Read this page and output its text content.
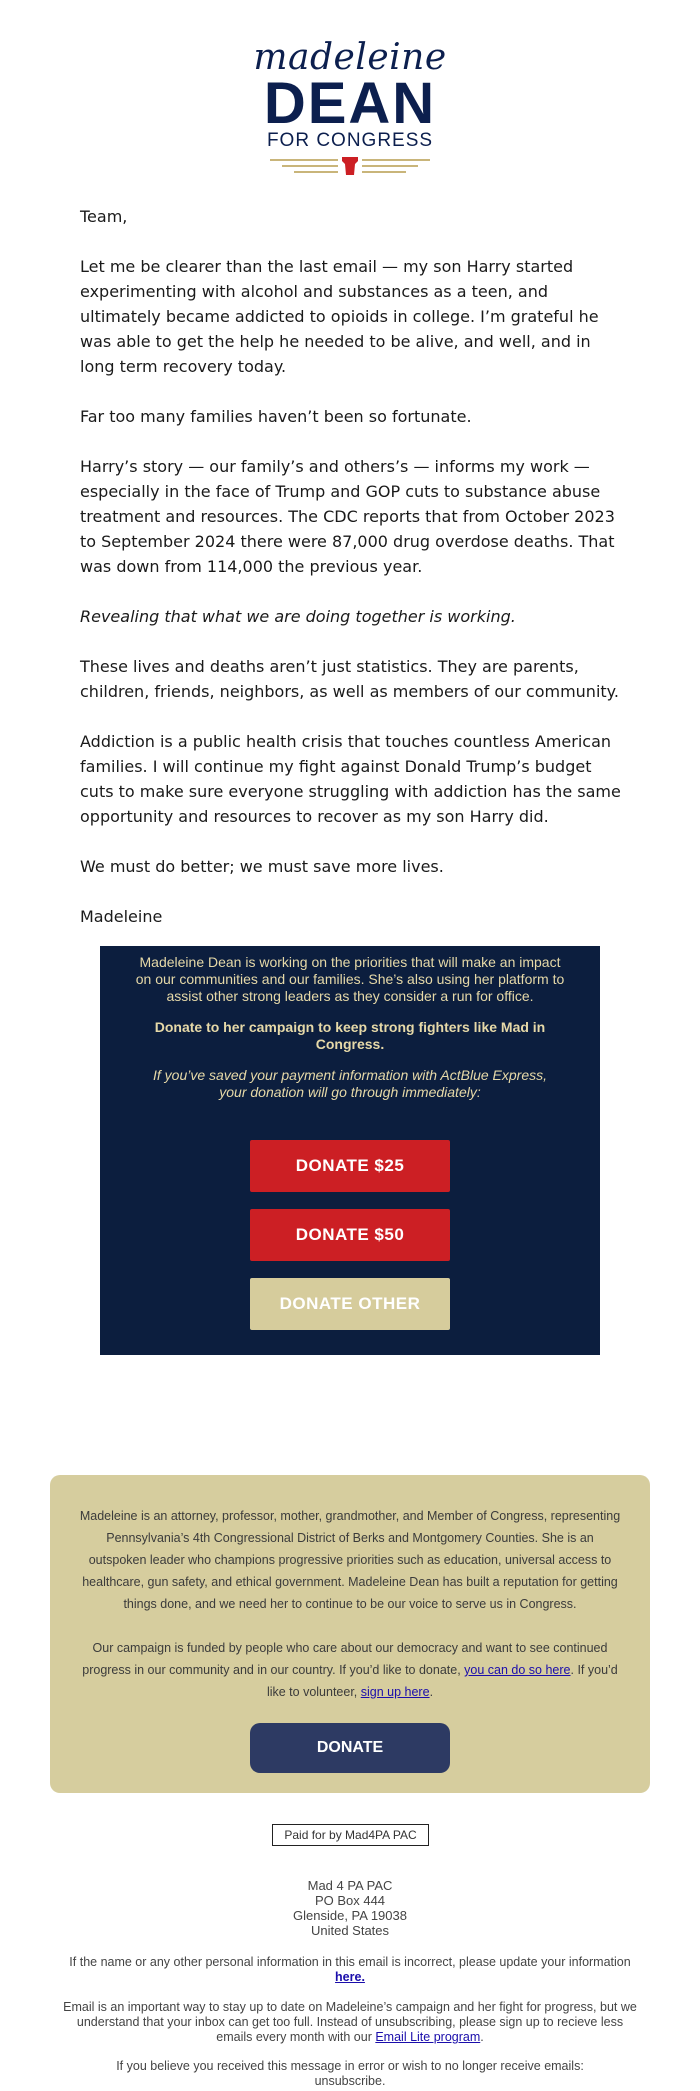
madeleine
DEAN
FOR CONGRESS

Team,

Let me be clearer than the last email — my son Harry started experimenting with alcohol and substances as a teen, and ultimately became addicted to opioids in college. I’m grateful he was able to get the help he needed to be alive, and well, and in long term recovery today.

Far too many families haven’t been so fortunate.

Harry’s story — our family’s and others’s — informs my work — especially in the face of Trump and GOP cuts to substance abuse treatment and resources. The CDC reports that from October 2023 to September 2024 there were 87,000 drug overdose deaths. That was down from 114,000 the previous year.

Revealing that what we are doing together is working.

These lives and deaths aren’t just statistics. They are parents, children, friends, neighbors, as well as members of our community.

Addiction is a public health crisis that touches countless American families. I will continue my fight against Donald Trump’s budget cuts to make sure everyone struggling with addiction has the same opportunity and resources to recover as my son Harry did.

We must do better; we must save more lives.

Madeleine

Madeleine Dean is working on the priorities that will make an impact on our communities and our families. She’s also using her platform to assist other strong leaders as they consider a run for office.
Donate to her campaign to keep strong fighters like Mad in Congress.
If you’ve saved your payment information with ActBlue Express, your donation will go through immediately:
DONATE $25
DONATE $50
DONATE OTHER

Madeleine is an attorney, professor, mother, grandmother, and Member of Congress, representing Pennsylvania’s 4th Congressional District of Berks and Montgomery Counties. She is an outspoken leader who champions progressive priorities such as education, universal access to healthcare, gun safety, and ethical government. Madeleine Dean has built a reputation for getting things done, and we need her to continue to be our voice to serve us in Congress.

Our campaign is funded by people who care about our democracy and want to see continued progress in our community and in our country. If you’d like to donate, you can do so here. If you’d like to volunteer, sign up here.

DONATE
Paid for by Mad4PA PAC
Mad 4 PA PAC
PO Box 444
Glenside, PA 19038
United States
If the name or any other personal information in this email is incorrect, please update your information
here.
Email is an important way to stay up to date on Madeleine’s campaign and her fight for progress, but we understand that your inbox can get too full. Instead of unsubscribing, please sign up to recieve less emails every month with our Email Lite program.
If you believe you received this message in error or wish to no longer receive emails:
unsubscribe.
